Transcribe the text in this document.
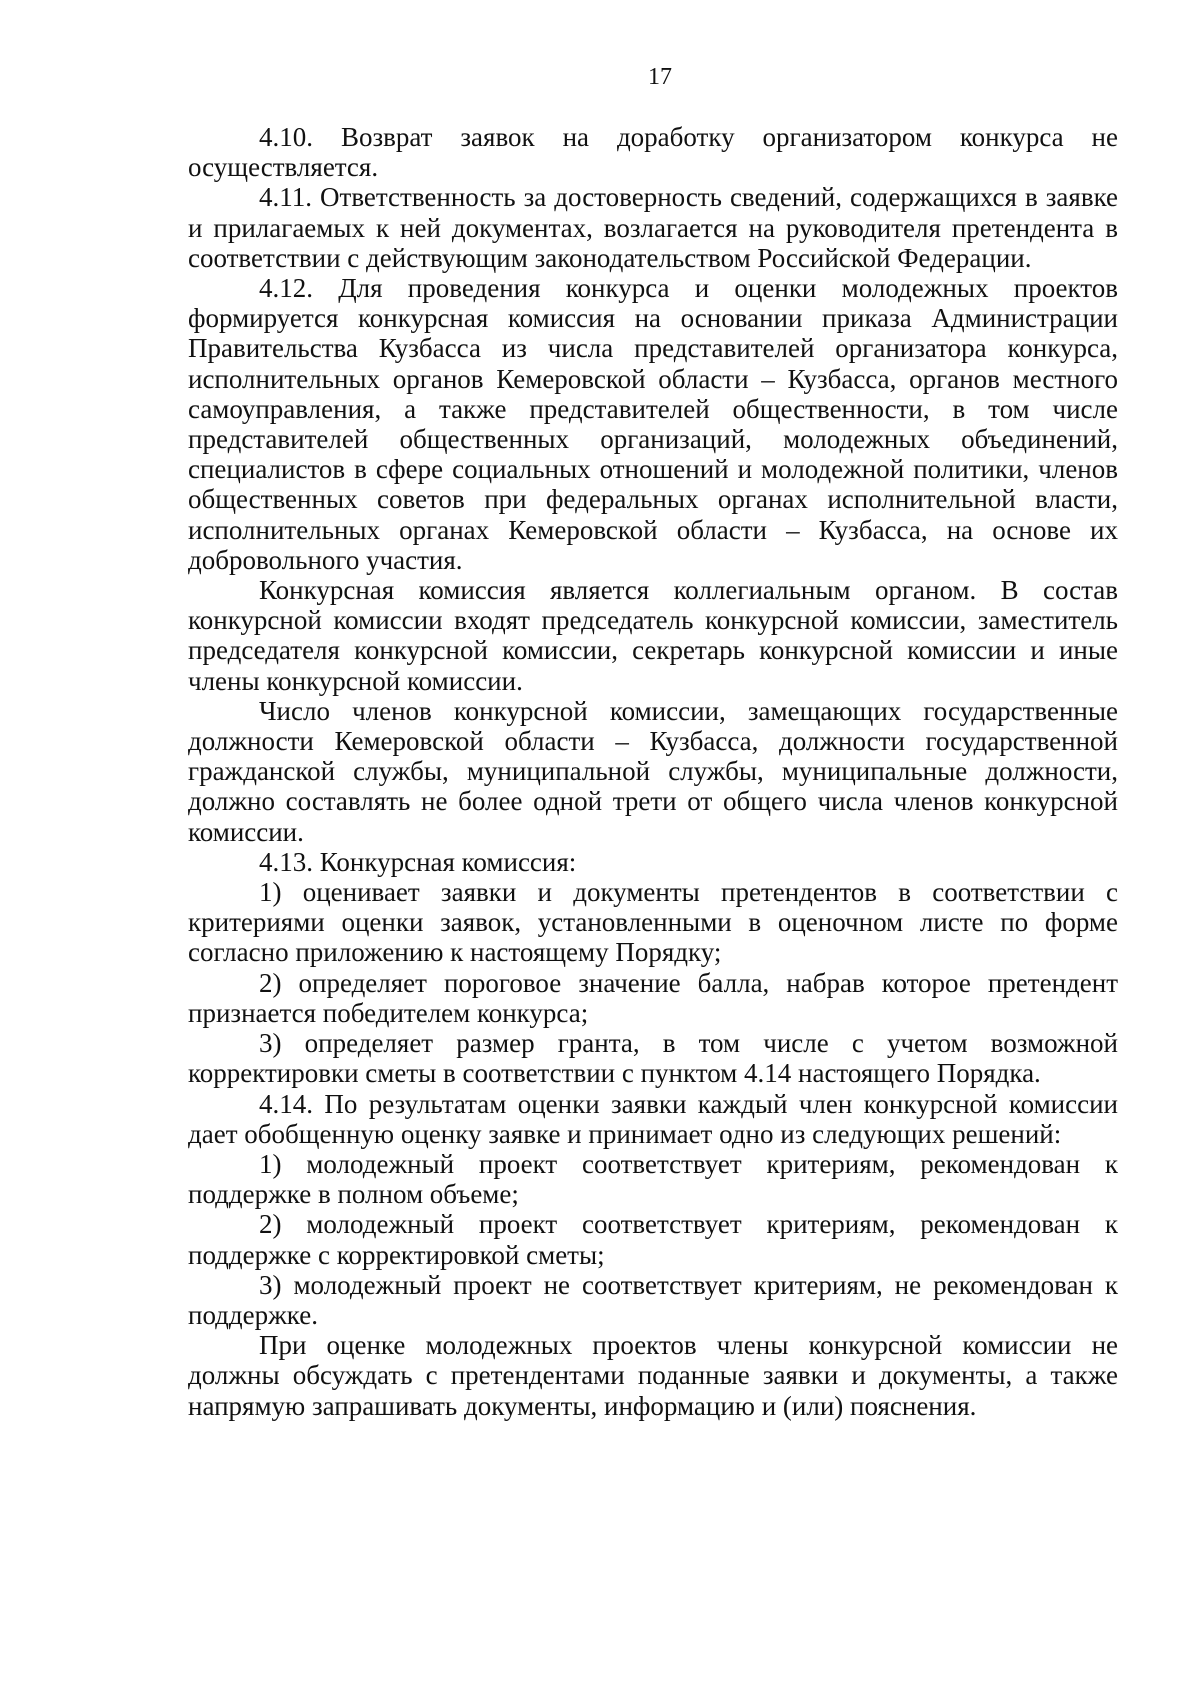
17

4.10. Возврат заявок на доработку организатором конкурса не осуществляется.

4.11. Ответственность за достоверность сведений, содержащихся в заявке и прилагаемых к ней документах, возлагается на руководителя претендента в соответствии с действующим законодательством Российской Федерации.

4.12. Для проведения конкурса и оценки молодежных проектов формируется конкурсная комиссия на основании приказа Администрации Правительства Кузбасса из числа представителей организатора конкурса, исполнительных органов Кемеровской области – Кузбасса, органов местного самоуправления, а также представителей общественности, в том числе представителей общественных организаций, молодежных объединений, специалистов в сфере социальных отношений и молодежной политики, членов общественных советов при федеральных органах исполнительной власти, исполнительных органах Кемеровской области – Кузбасса, на основе их добровольного участия.

Конкурсная комиссия является коллегиальным органом. В состав конкурсной комиссии входят председатель конкурсной комиссии, заместитель председателя конкурсной комиссии, секретарь конкурсной комиссии и иные члены конкурсной комиссии.

Число членов конкурсной комиссии, замещающих государственные должности Кемеровской области – Кузбасса, должности государственной гражданской службы, муниципальной службы, муниципальные должности, должно составлять не более одной трети от общего числа членов конкурсной комиссии.

4.13. Конкурсная комиссия:

1) оценивает заявки и документы претендентов в соответствии с критериями оценки заявок, установленными в оценочном листе по форме согласно приложению к настоящему Порядку;

2) определяет пороговое значение балла, набрав которое претендент признается победителем конкурса;

3) определяет размер гранта, в том числе с учетом возможной корректировки сметы в соответствии с пунктом 4.14 настоящего Порядка.

4.14. По результатам оценки заявки каждый член конкурсной комиссии дает обобщенную оценку заявке и принимает одно из следующих решений:

1) молодежный проект соответствует критериям, рекомендован к поддержке в полном объеме;

2) молодежный проект соответствует критериям, рекомендован к поддержке с корректировкой сметы;

3) молодежный проект не соответствует критериям, не рекомендован к поддержке.

При оценке молодежных проектов члены конкурсной комиссии не должны обсуждать с претендентами поданные заявки и документы, а также напрямую запрашивать документы, информацию и (или) пояснения.
